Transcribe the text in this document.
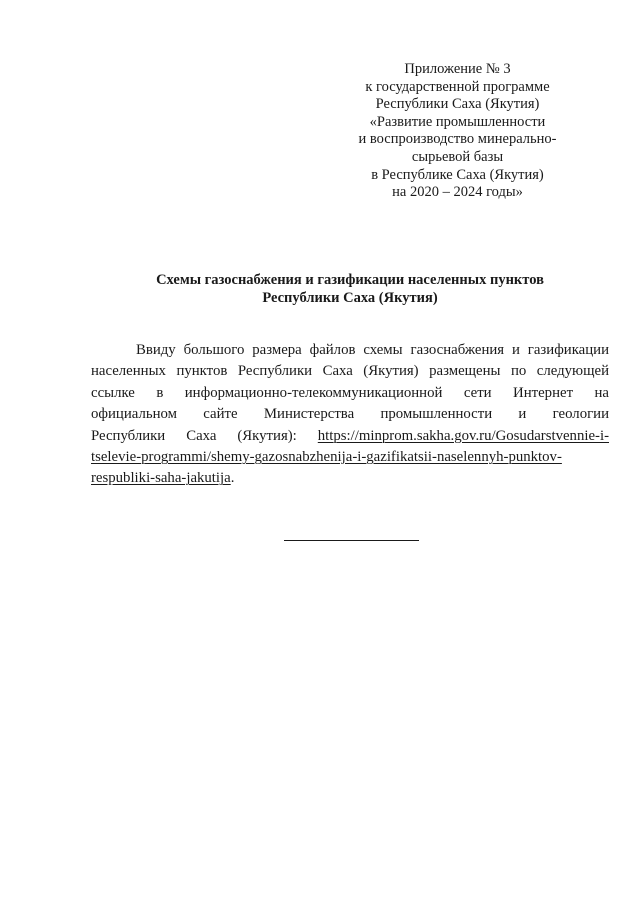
Приложение № 3
к государственной программе
Республики Саха (Якутия)
«Развитие промышленности
и воспроизводство минерально-
сырьевой базы
в Республике Саха (Якутия)
на 2020 – 2024 годы»
Схемы газоснабжения и газификации населенных пунктов
Республики Саха (Якутия)
Ввиду большого размера файлов схемы газоснабжения и газификации
населенных пунктов Республики Саха (Якутия) размещены по следующей
ссылке в информационно-телекоммуникационной сети Интернет на
официальном сайте Министерства промышленности и геологии
Республики Саха (Якутия): https://minprom.sakha.gov.ru/Gosudarstvennie-i-
tselevie-programmi/shemy-gazosnabzhenija-i-gazifikatsii-naselennyh-punktov-
respubliki-saha-jakutija.
